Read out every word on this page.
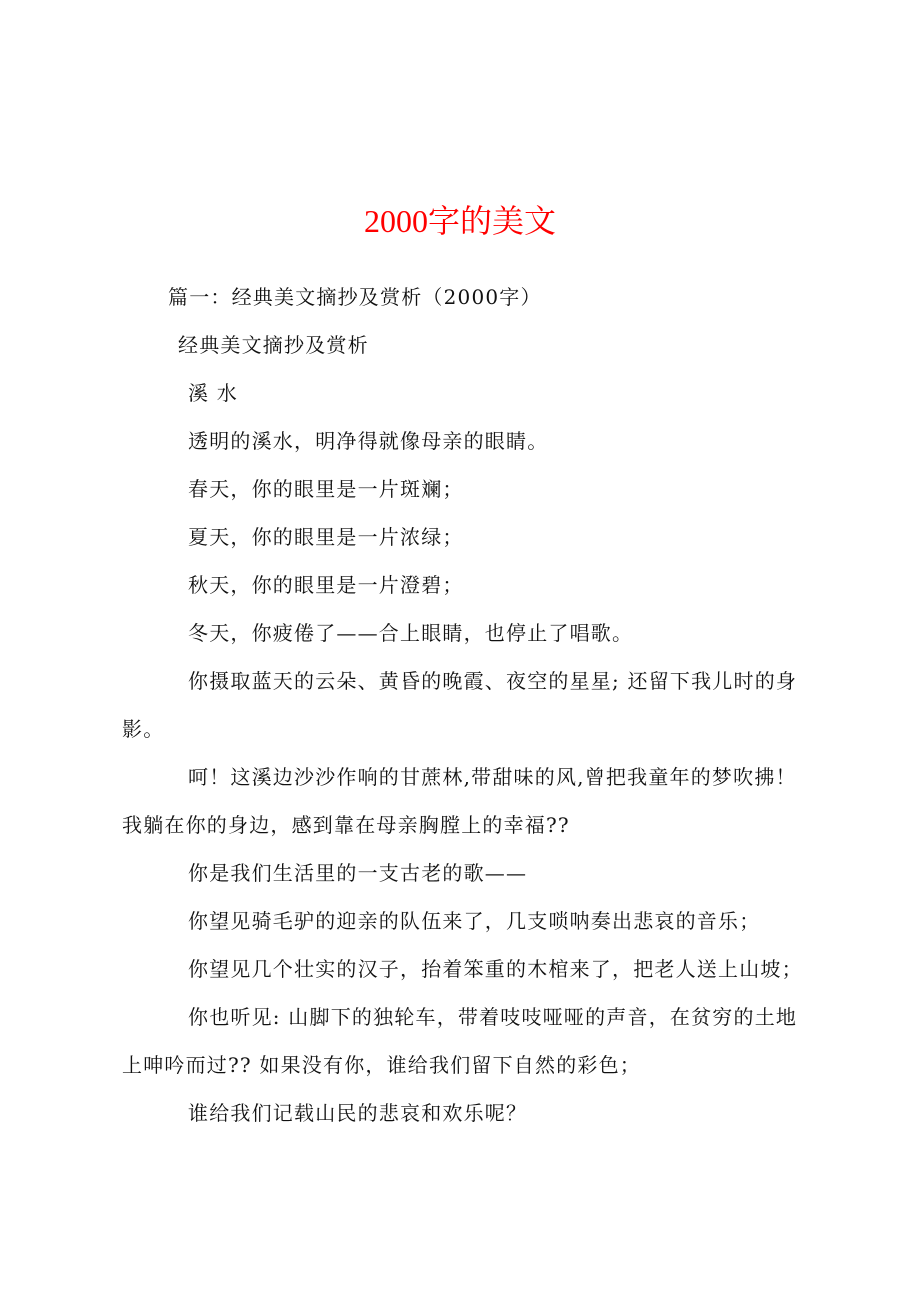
2000字的美文
篇一：经典美文摘抄及赏析（2000字）
经典美文摘抄及赏析
溪 水
透明的溪水，明净得就像母亲的眼睛。
春天，你的眼里是一片斑斓；
夏天，你的眼里是一片浓绿；
秋天，你的眼里是一片澄碧；
冬天，你疲倦了——合上眼睛，也停止了唱歌。
你摄取蓝天的云朵、黄昏的晚霞、夜空的星星; 还留下我儿时的身
影。
呵！这溪边沙沙作响的甘蔗林,带甜味的风,曾把我童年的梦吹拂！
我躺在你的身边，感到靠在母亲胸膛上的幸福??
你是我们生活里的一支古老的歌——
你望见骑毛驴的迎亲的队伍来了，几支唢呐奏出悲哀的音乐；
你望见几个壮实的汉子，抬着笨重的木棺来了，把老人送上山坡；
你也听见: 山脚下的独轮车，带着吱吱哑哑的声音，在贫穷的土地
上呻吟而过?? 如果没有你，谁给我们留下自然的彩色；
谁给我们记载山民的悲哀和欢乐呢？
